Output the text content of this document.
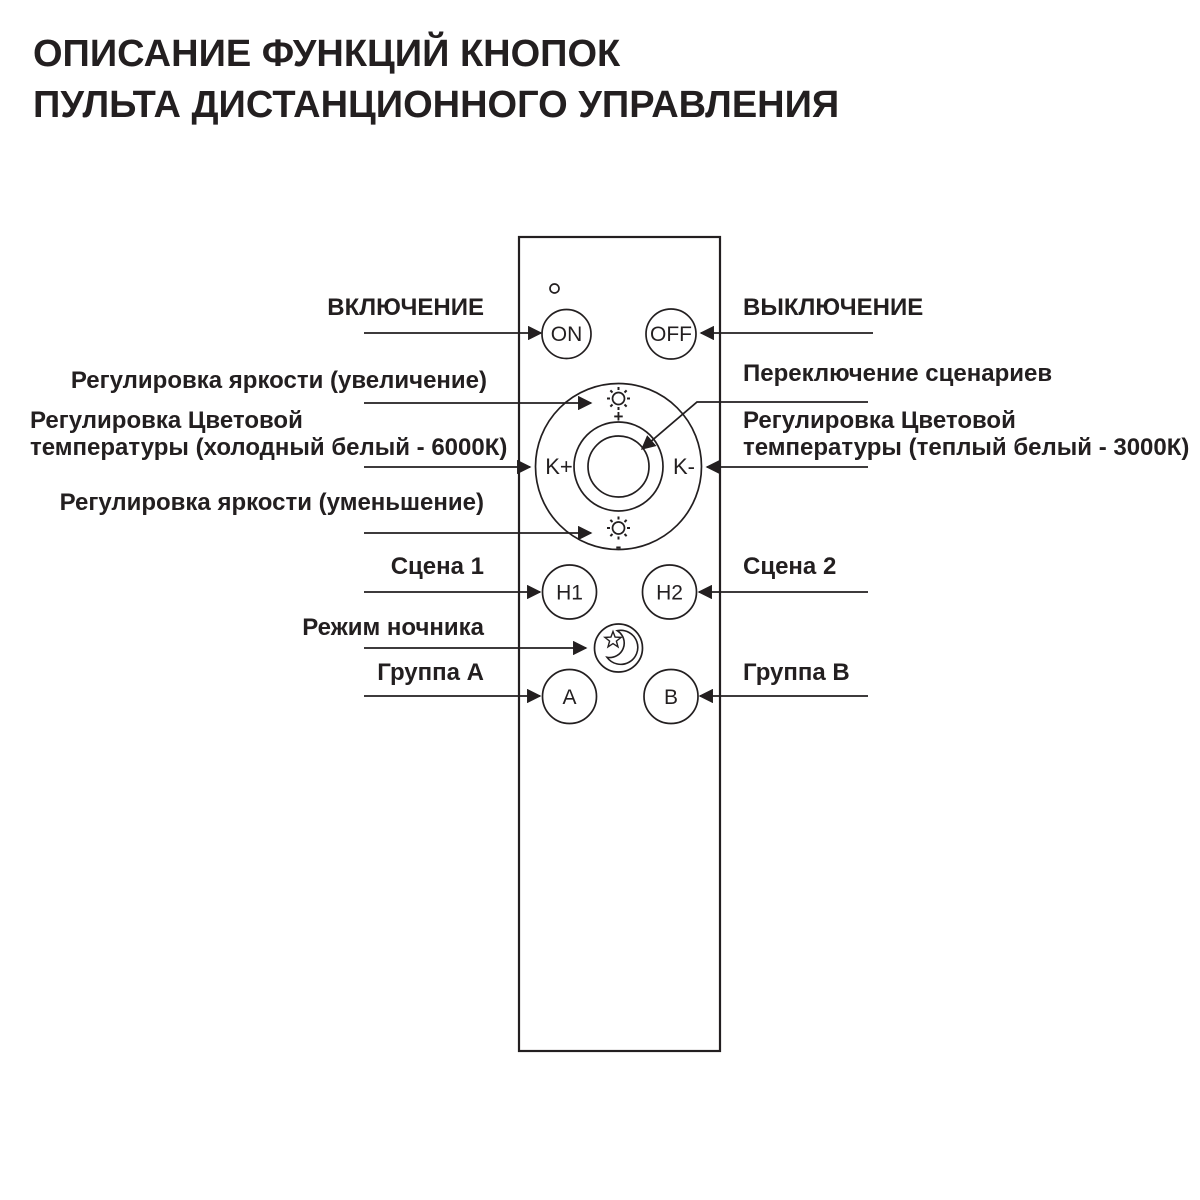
ОПИСАНИЕ ФУНКЦИЙ КНОПОК
ПУЛЬТА ДИСТАНЦИОННОГО УПРАВЛЕНИЯ
ON	OFF
+
-
K+	K-
H1	H2
A	B
ВКЛЮЧЕНИЕ
Регулировка яркости (увеличение)
Регулировка Цветовой
температуры (холодный белый - 6000К)
Регулировка яркости (уменьшение)
Сцена 1
Режим ночника
Группа A
ВЫКЛЮЧЕНИЕ
Переключение сценариев
Регулировка Цветовой
температуры (теплый белый - 3000К)
Сцена 2
Группа B
